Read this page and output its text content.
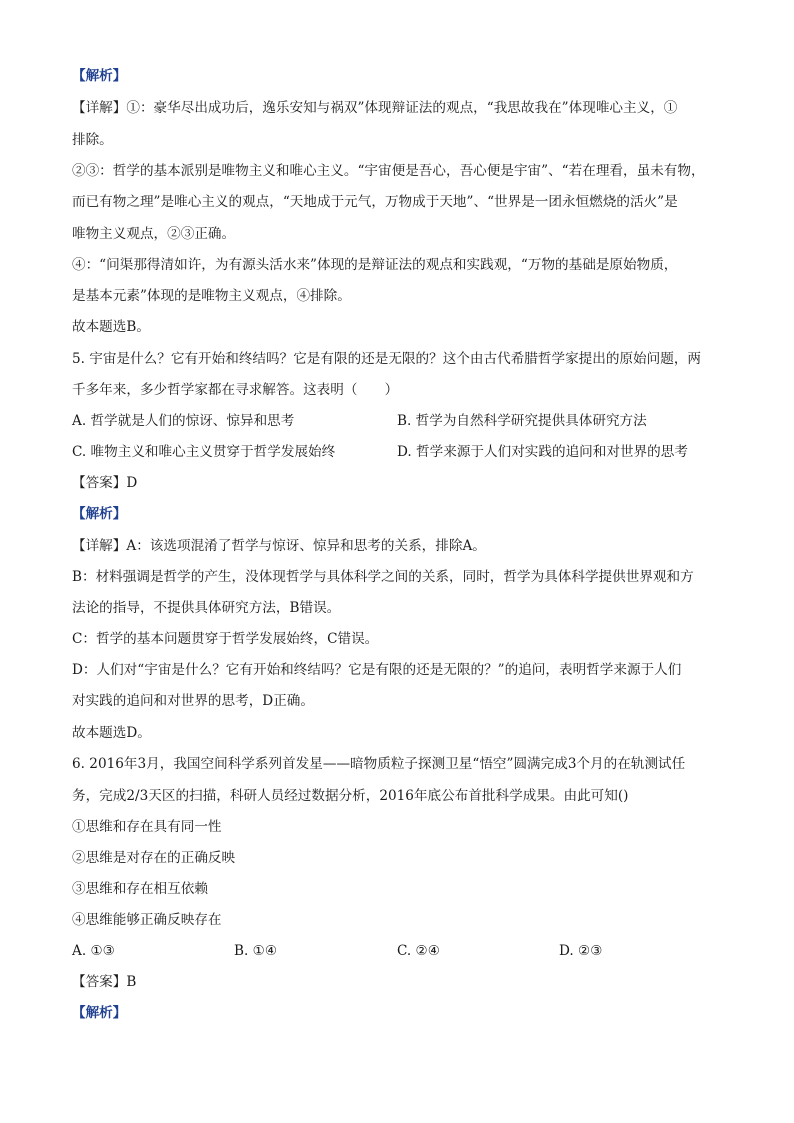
【解析】
【详解】①：豪华尽出成功后，逸乐安知与祸双”体现辩证法的观点，“我思故我在”体现唯心主义，①
排除。
②③：哲学的基本派别是唯物主义和唯心主义。“宇宙便是吾心，吾心便是宇宙”、“若在理看，虽未有物，
而已有物之理”是唯心主义的观点，“天地成于元气，万物成于天地”、“世界是一团永恒燃烧的活火”是
唯物主义观点，②③正确。
④：“问渠那得清如许，为有源头活水来”体现的是辩证法的观点和实践观，“万物的基础是原始物质，
是基本元素”体现的是唯物主义观点，④排除。
故本题选B。
5. 宇宙是什么？它有开始和终结吗？它是有限的还是无限的？这个由古代希腊哲学家提出的原始问题，两
千多年来，多少哲学家都在寻求解答。这表明（　　）
A. 哲学就是人们的惊讶、惊异和思考	B. 哲学为自然科学研究提供具体研究方法
C. 唯物主义和唯心主义贯穿于哲学发展始终	D. 哲学来源于人们对实践的追问和对世界的思考
【答案】D
【解析】
【详解】A：该选项混淆了哲学与惊讶、惊异和思考的关系，排除A。
B：材料强调是哲学的产生，没体现哲学与具体科学之间的关系，同时，哲学为具体科学提供世界观和方
法论的指导，不提供具体研究方法，B错误。
C：哲学的基本问题贯穿于哲学发展始终，C错误。
D：人们对“宇宙是什么？它有开始和终结吗？它是有限的还是无限的？”的追问，表明哲学来源于人们
对实践的追问和对世界的思考，D正确。
故本题选D。
6. 2016年3月，我国空间科学系列首发星——暗物质粒子探测卫星“悟空”圆满完成3个月的在轨测试任
务，完成2/3天区的扫描，科研人员经过数据分析，2016年底公布首批科学成果。由此可知()
①思维和存在具有同一性
②思维是对存在的正确反映
③思维和存在相互依赖
④思维能够正确反映存在
A. ①③	B. ①④	C. ②④	D. ②③
【答案】B
【解析】
